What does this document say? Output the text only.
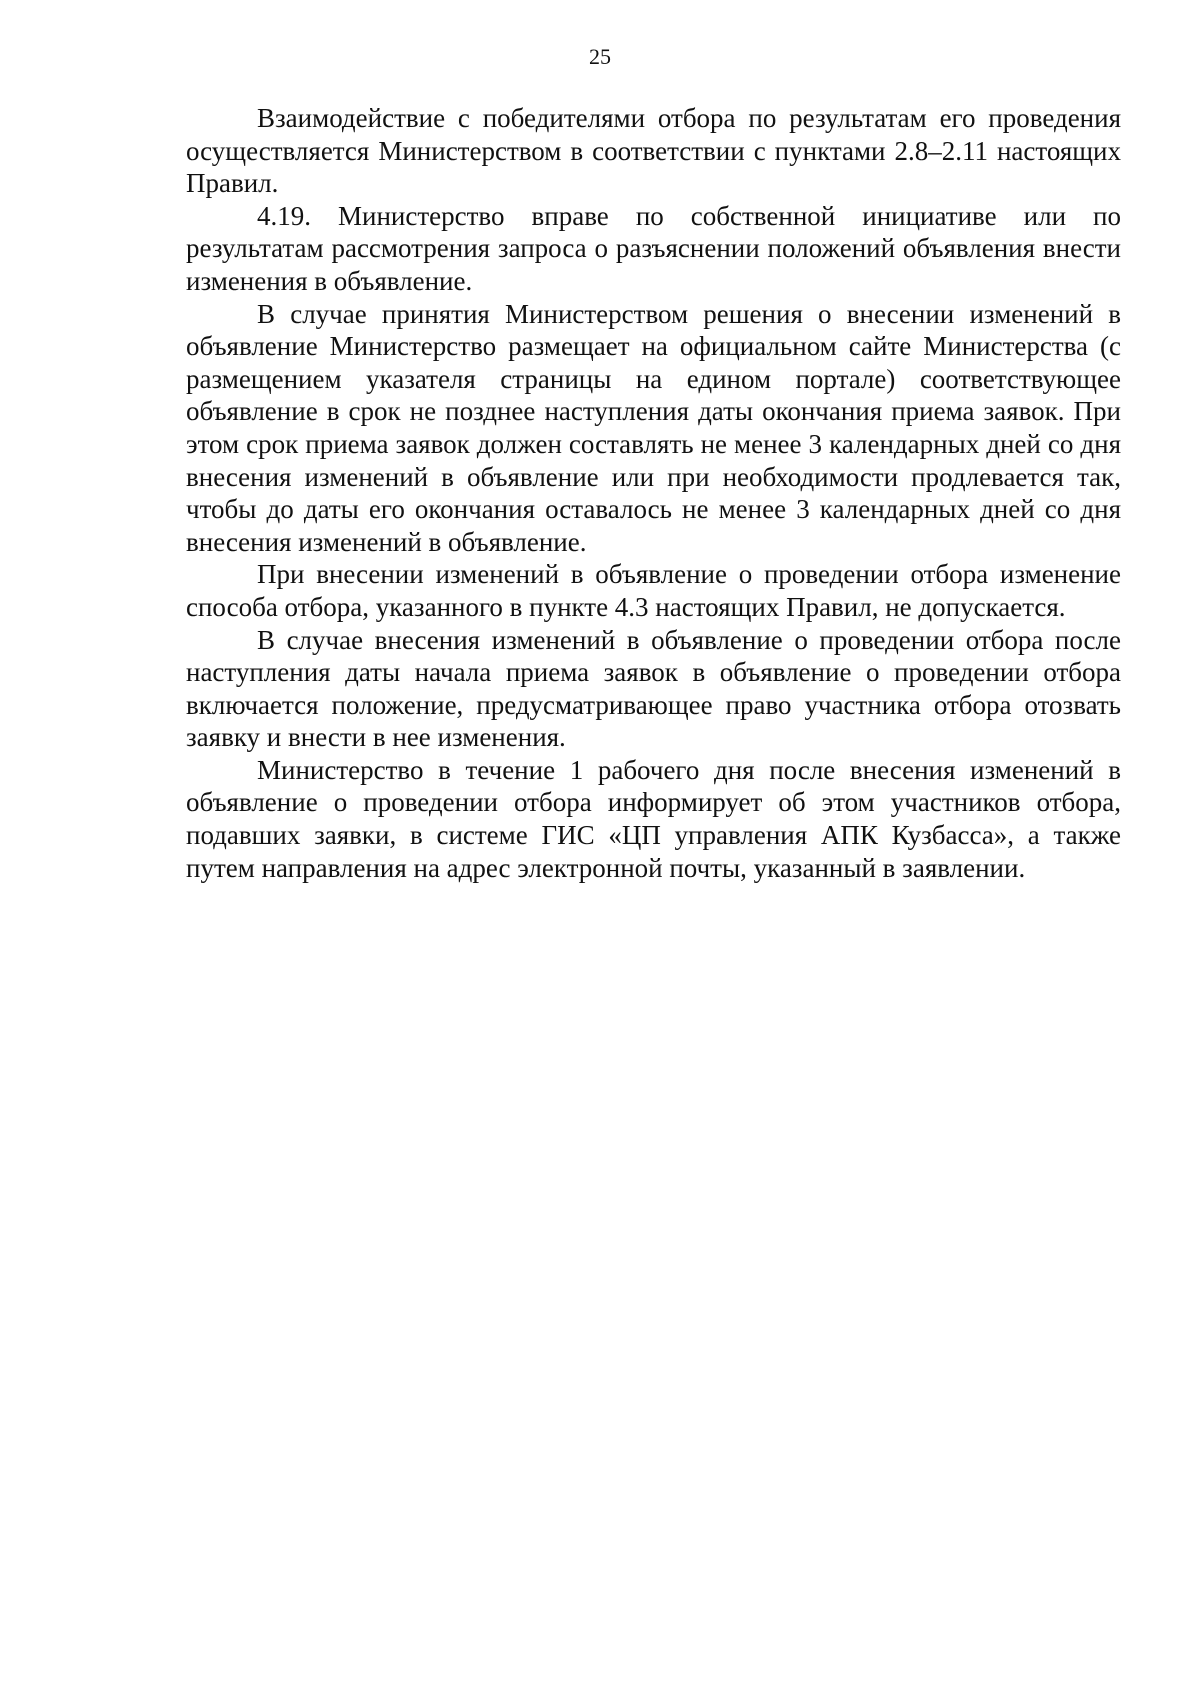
25

Взаимодействие с победителями отбора по результатам его проведения осуществляется Министерством в соответствии с пунктами 2.8–2.11 настоящих Правил.

4.19. Министерство вправе по собственной инициативе или по результатам рассмотрения запроса о разъяснении положений объявления внести изменения в объявление.

В случае принятия Министерством решения о внесении изменений в объявление Министерство размещает на официальном сайте Министерства (с размещением указателя страницы на едином портале) соответствующее объявление в срок не позднее наступления даты окончания приема заявок. При этом срок приема заявок должен составлять не менее 3 календарных дней со дня внесения изменений в объявление или при необходимости продлевается так, чтобы до даты его окончания оставалось не менее 3 календарных дней со дня внесения изменений в объявление.

При внесении изменений в объявление о проведении отбора изменение способа отбора, указанного в пункте 4.3 настоящих Правил, не допускается.

В случае внесения изменений в объявление о проведении отбора после наступления даты начала приема заявок в объявление о проведении отбора включается положение, предусматривающее право участника отбора отозвать заявку и внести в нее изменения.

Министерство в течение 1 рабочего дня после внесения изменений в объявление о проведении отбора информирует об этом участников отбора, подавших заявки, в системе ГИС «ЦП управления АПК Кузбасса», а также путем направления на адрес электронной почты, указанный в заявлении.
